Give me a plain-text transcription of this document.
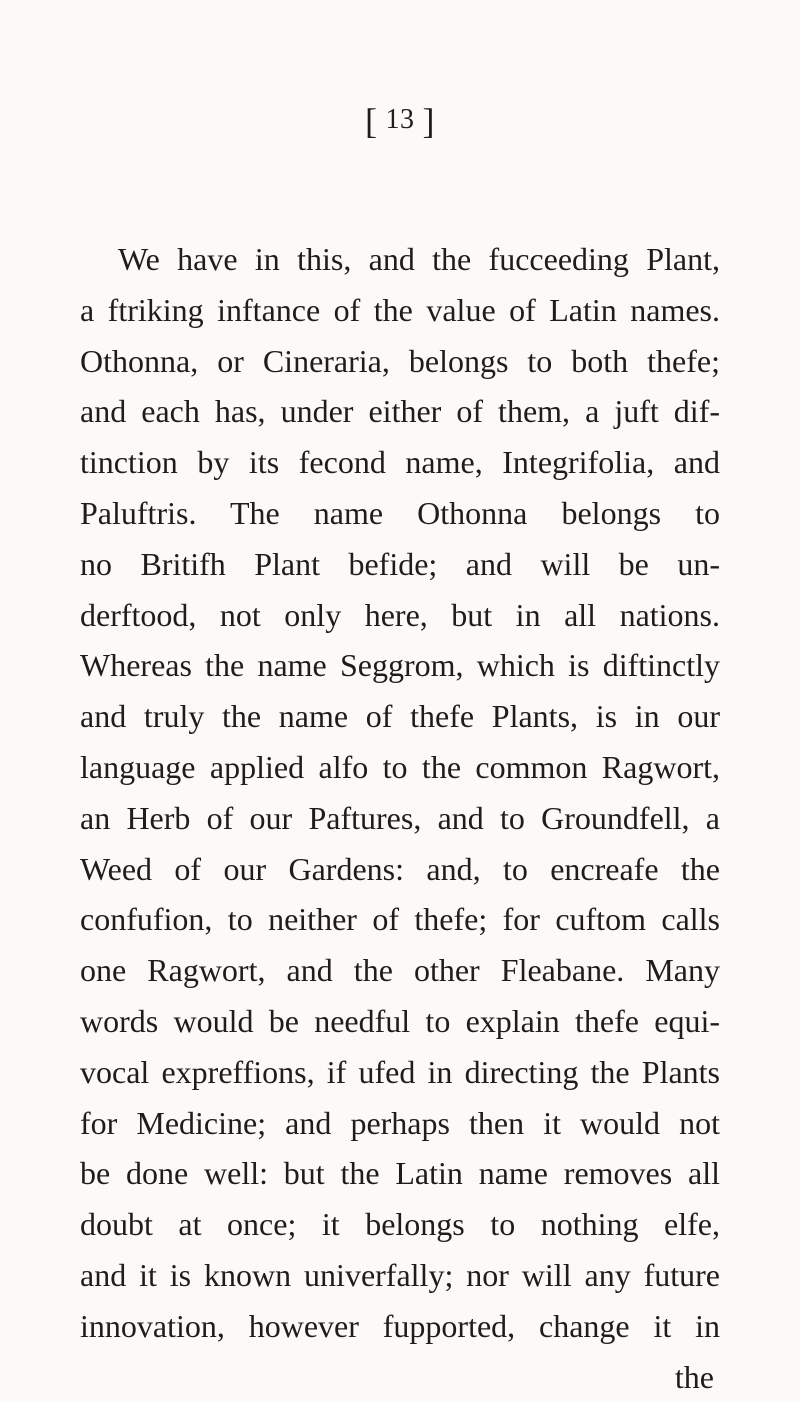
[ 13 ]
We have in this, and the fucceeding Plant,
a ftriking inftance of the value of Latin names.
Othonna, or Cineraria, belongs to both thefe;
and each has, under either of them, a juft dif-
tinction by its fecond name, Integrifolia, and
Paluftris. The name Othonna belongs to
no Britifh Plant befide; and will be un-
derftood, not only here, but in all nations.
Whereas the name Seggrom, which is diftinctly
and truly the name of thefe Plants, is in our
language applied alfo to the common Ragwort,
an Herb of our Paftures, and to Groundfell, a
Weed of our Gardens: and, to encreafe the
confufion, to neither of thefe; for cuftom calls
one Ragwort, and the other Fleabane. Many
words would be needful to explain thefe equi-
vocal expreffions, if ufed in directing the Plants
for Medicine; and perhaps then it would not
be done well: but the Latin name removes all
doubt at once; it belongs to nothing elfe,
and it is known univerfally; nor will any future
innovation, however fupported, change it in
the
